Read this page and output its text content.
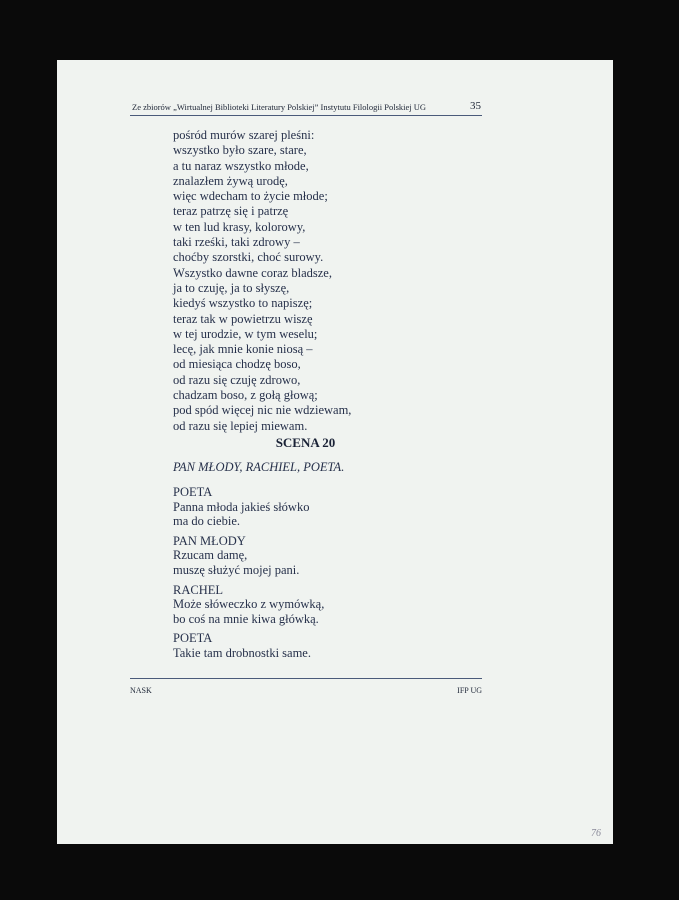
Ze zbiorów „Wirtualnej Biblioteki Literatury Polskiej” Instytutu Filologii Polskiej UG	35
pośród murów szarej pleśni:
wszystko było szare, stare,
a tu naraz wszystko młode,
znalazłem żywą urodę,
więc wdecham to życie młode;
teraz patrzę się i patrzę
w ten lud krasy, kolorowy,
taki rześki, taki zdrowy –
choćby szorstki, choć surowy.
Wszystko dawne coraz bladsze,
ja to czuję, ja to słyszę,
kiedyś wszystko to napiszę;
teraz tak w powietrzu wiszę
w tej urodzie, w tym weselu;
lecę, jak mnie konie niosą –
od miesiąca chodzę boso,
od razu się czuję zdrowo,
chadzam boso, z gołą głową;
pod spód więcej nic nie wdziewam,
od razu się lepiej miewam.
SCENA 20
PAN MŁODY, RACHIEL, POETA.
POETA
Panna młoda jakieś słówko
ma do ciebie.
PAN MŁODY
Rzucam damę,
muszę służyć mojej pani.
RACHEL
Może słóweczko z wymówką,
bo coś na mnie kiwa główką.
POETA
Takie tam drobnostki same.
NASK	IFP UG
76
